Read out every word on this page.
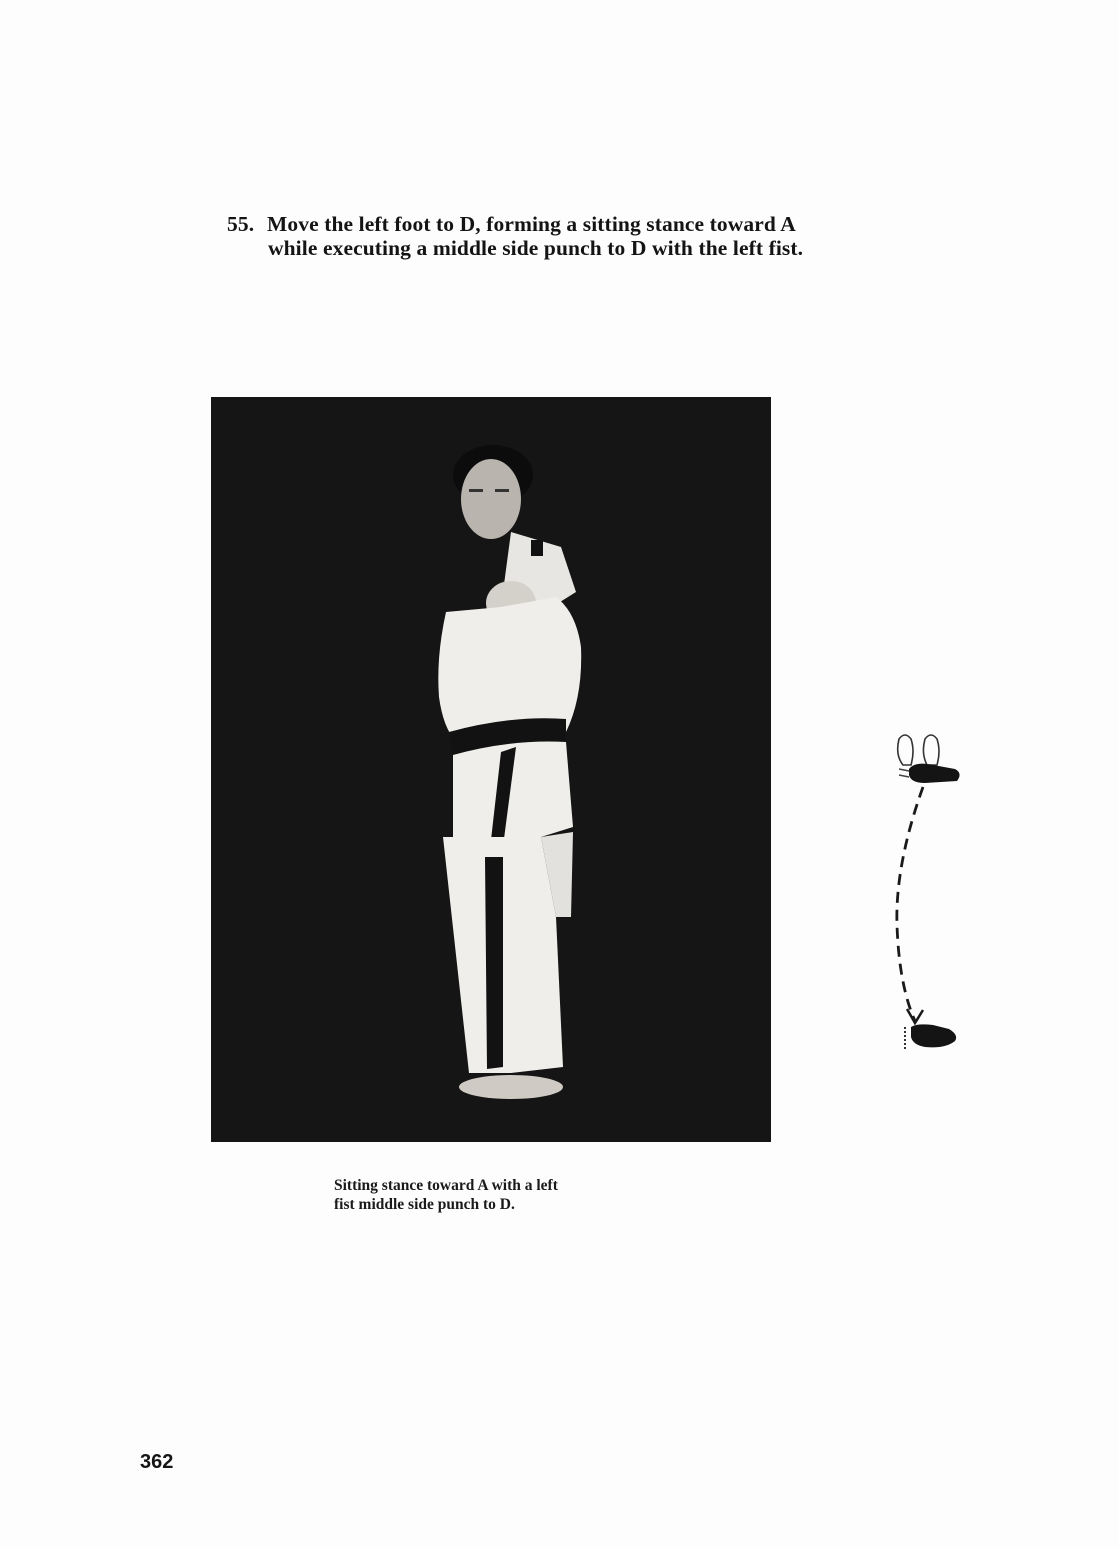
55. Move the left foot to D, forming a sitting stance toward A
while executing a middle side punch to D with the left fist.
Sitting stance toward A with a left
fist middle side punch to D.
362
